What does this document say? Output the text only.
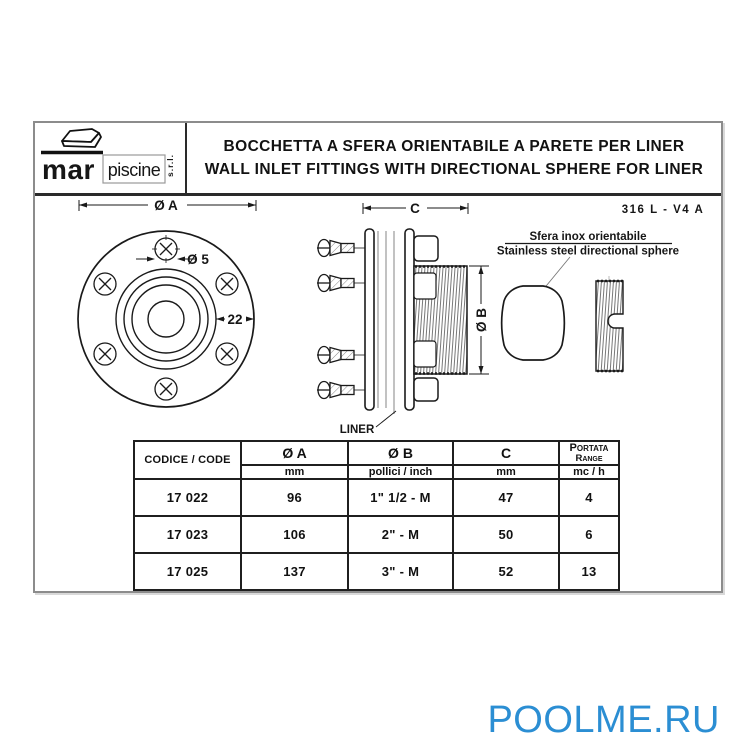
mar piscine s.r.l.
BOCCHETTA A SFERA ORIENTABILE A PARETE PER LINER
WALL INLET FITTINGS WITH DIRECTIONAL SPHERE FOR LINER
Ø A
Ø 5
22
C
Ø B
LINER
316 L - V4 A
Sfera inox orientabile
Stainless steel directional sphere
CODICE / CODE	Ø A	Ø B	C	Portata
Range

	mm	pollici / inch	mm	mc / h
17 022	96	1" 1/2 - M	47	4
17 023	106	2" - M	50	6
17 025	137	3" - M	52	13
POOLME.RU
